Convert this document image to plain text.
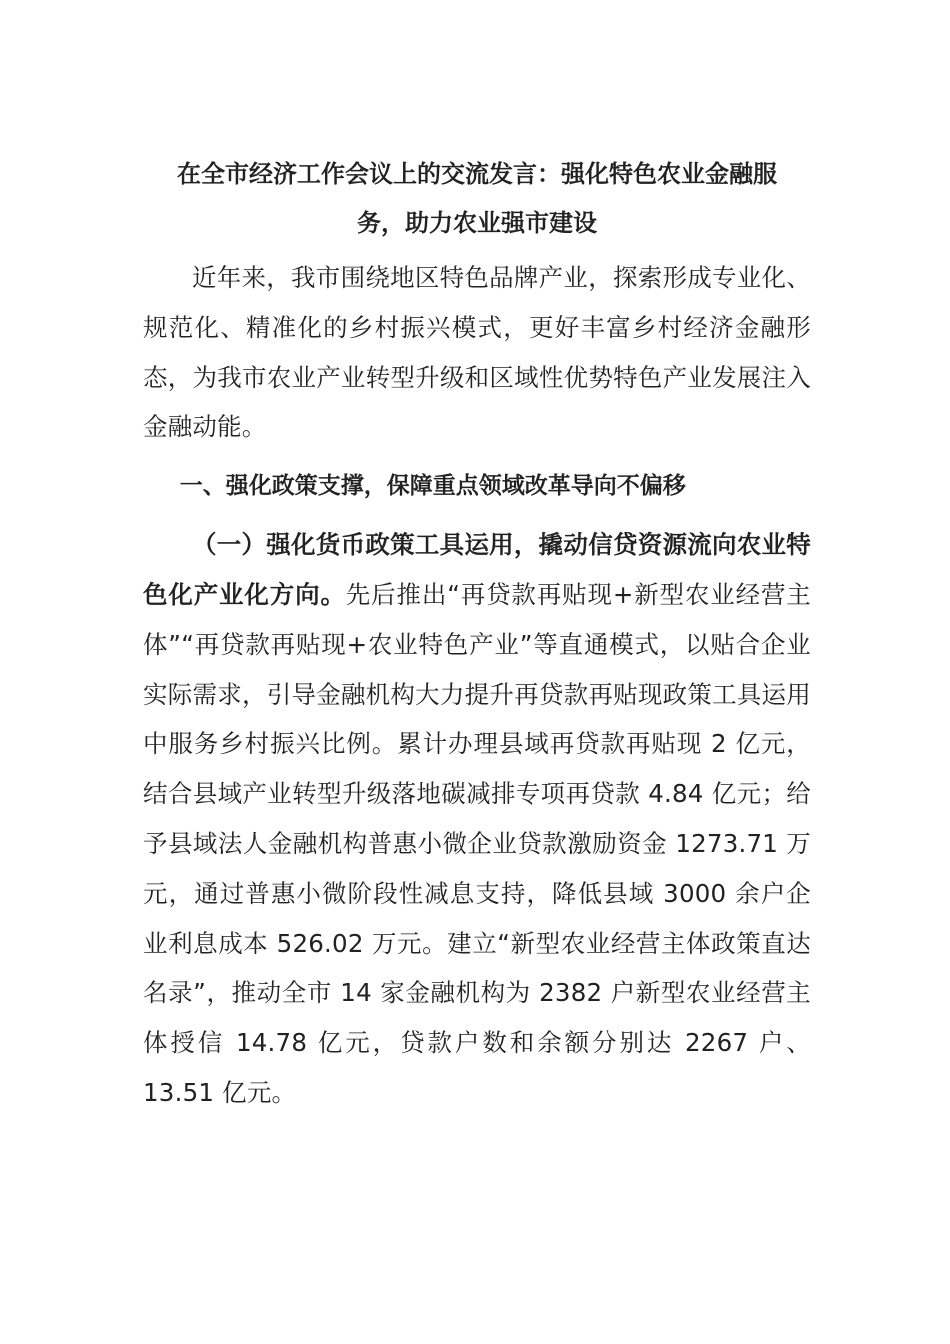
在全市经济工作会议上的交流发言：强化特色农业金融服
务，助力农业强市建设

近年来，我市围绕地区特色品牌产业，探索形成专业化、规范化、精准化的乡村振兴模式，更好丰富乡村经济金融形态，为我市农业产业转型升级和区域性优势特色产业发展注入金融动能。

一、强化政策支撑，保障重点领域改革导向不偏移

（一）强化货币政策工具运用，撬动信贷资源流向农业特色化产业化方向。先后推出“再贷款再贴现+新型农业经营主体”“再贷款再贴现+农业特色产业”等直通模式，以贴合企业实际需求，引导金融机构大力提升再贷款再贴现政策工具运用中服务乡村振兴比例。累计办理县域再贷款再贴现 2 亿元，结合县域产业转型升级落地碳减排专项再贷款 4.84 亿元；给予县域法人金融机构普惠小微企业贷款激励资金 1273.71 万元，通过普惠小微阶段性减息支持，降低县域 3000 余户企业利息成本 526.02 万元。建立“新型农业经营主体政策直达名录”，推动全市 14 家金融机构为 2382 户新型农业经营主体授信 14.78 亿元，贷款户数和余额分别达 2267 户、13.51 亿元。
